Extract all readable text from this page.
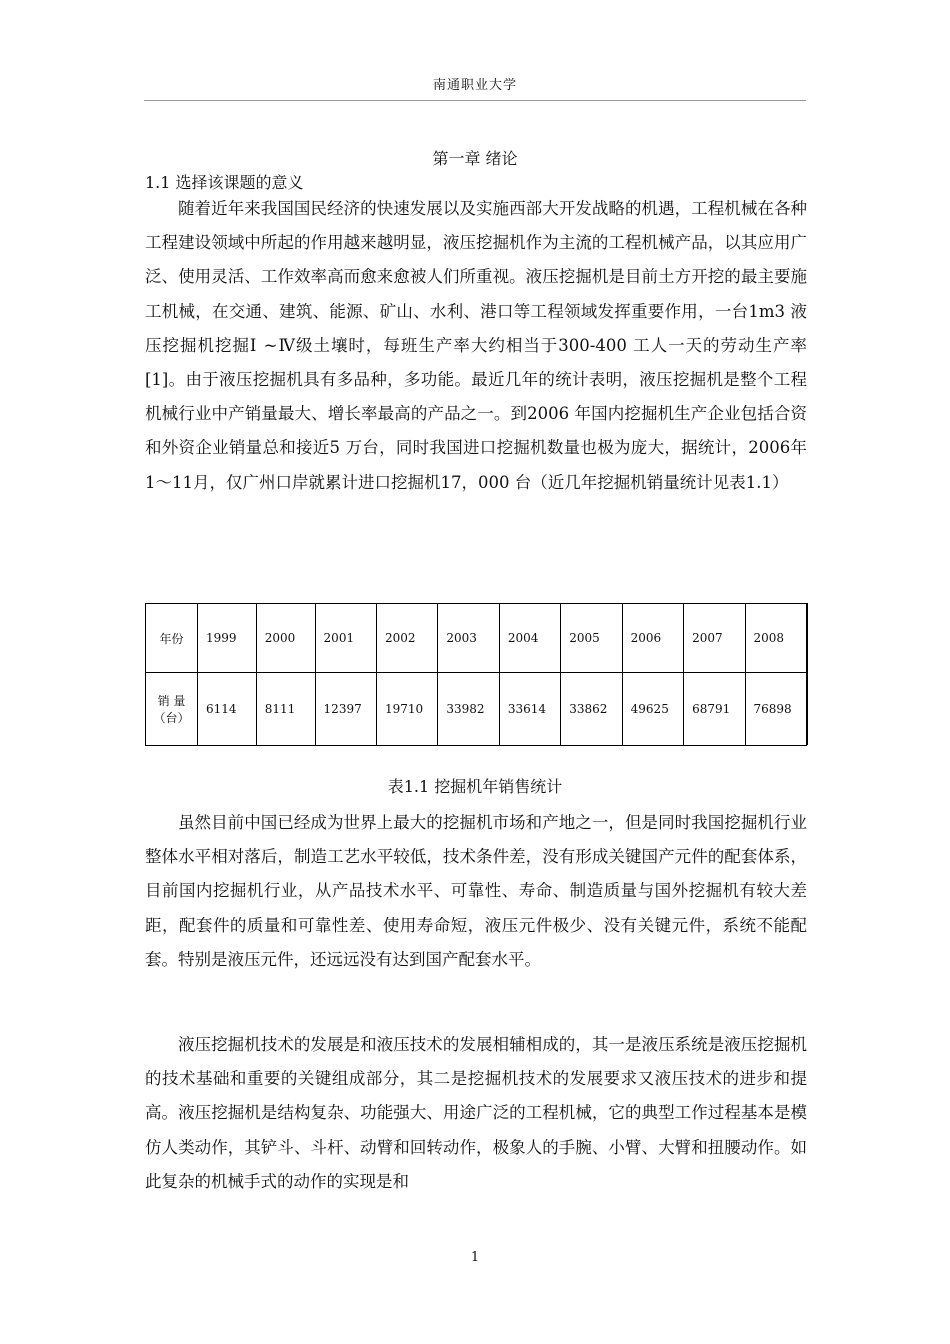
南通职业大学
第一章 绪论
1.1 选择该课题的意义

随着近年来我国国民经济的快速发展以及实施西部大开发战略的机遇，工程机械在各种工程建设领域中所起的作用越来越明显，液压挖掘机作为主流的工程机械产品，以其应用广泛、使用灵活、工作效率高而愈来愈被人们所重视。液压挖掘机是目前土方开挖的最主要施工机械，在交通、建筑、能源、矿山、水利、港口等工程领域发挥重要作用，一台1m3 液压挖掘机挖掘Ⅰ ~Ⅳ级土壤时，每班生产率大约相当于300-400 工人一天的劳动生产率 [1]。由于液压挖掘机具有多品种，多功能。最近几年的统计表明，液压挖掘机是整个工程机械行业中产销量最大、增长率最高的产品之一。到2006 年国内挖掘机生产企业包括合资和外资企业销量总和接近5 万台，同时我国进口挖掘机数量也极为庞大，据统计，2006年1～11月，仅广州口岸就累计进口挖掘机17，000 台（近几年挖掘机销量统计见表1.1）

年份	1999	2000	2001	2002	2003	2004	2005	2006	2007	2008
销 量（台）	6114	8111	12397	19710	33982	33614	33862	49625	68791	76898
表1.1 挖掘机年销售统计

虽然目前中国已经成为世界上最大的挖掘机市场和产地之一，但是同时我国挖掘机行业整体水平相对落后，制造工艺水平较低，技术条件差，没有形成关键国产元件的配套体系，目前国内挖掘机行业，从产品技术水平、可靠性、寿命、制造质量与国外挖掘机有较大差距，配套件的质量和可靠性差、使用寿命短，液压元件极少、没有关键元件，系统不能配套。特别是液压元件，还远远没有达到国产配套水平。

液压挖掘机技术的发展是和液压技术的发展相辅相成的，其一是液压系统是液压挖掘机的技术基础和重要的关键组成部分，其二是挖掘机技术的发展要求又液压技术的进步和提高。液压挖掘机是结构复杂、功能强大、用途广泛的工程机械，它的典型工作过程基本是模仿人类动作，其铲斗、斗杆、动臂和回转动作，极象人的手腕、小臂、大臂和扭腰动作。如此复杂的机械手式的动作的实现是和

1
